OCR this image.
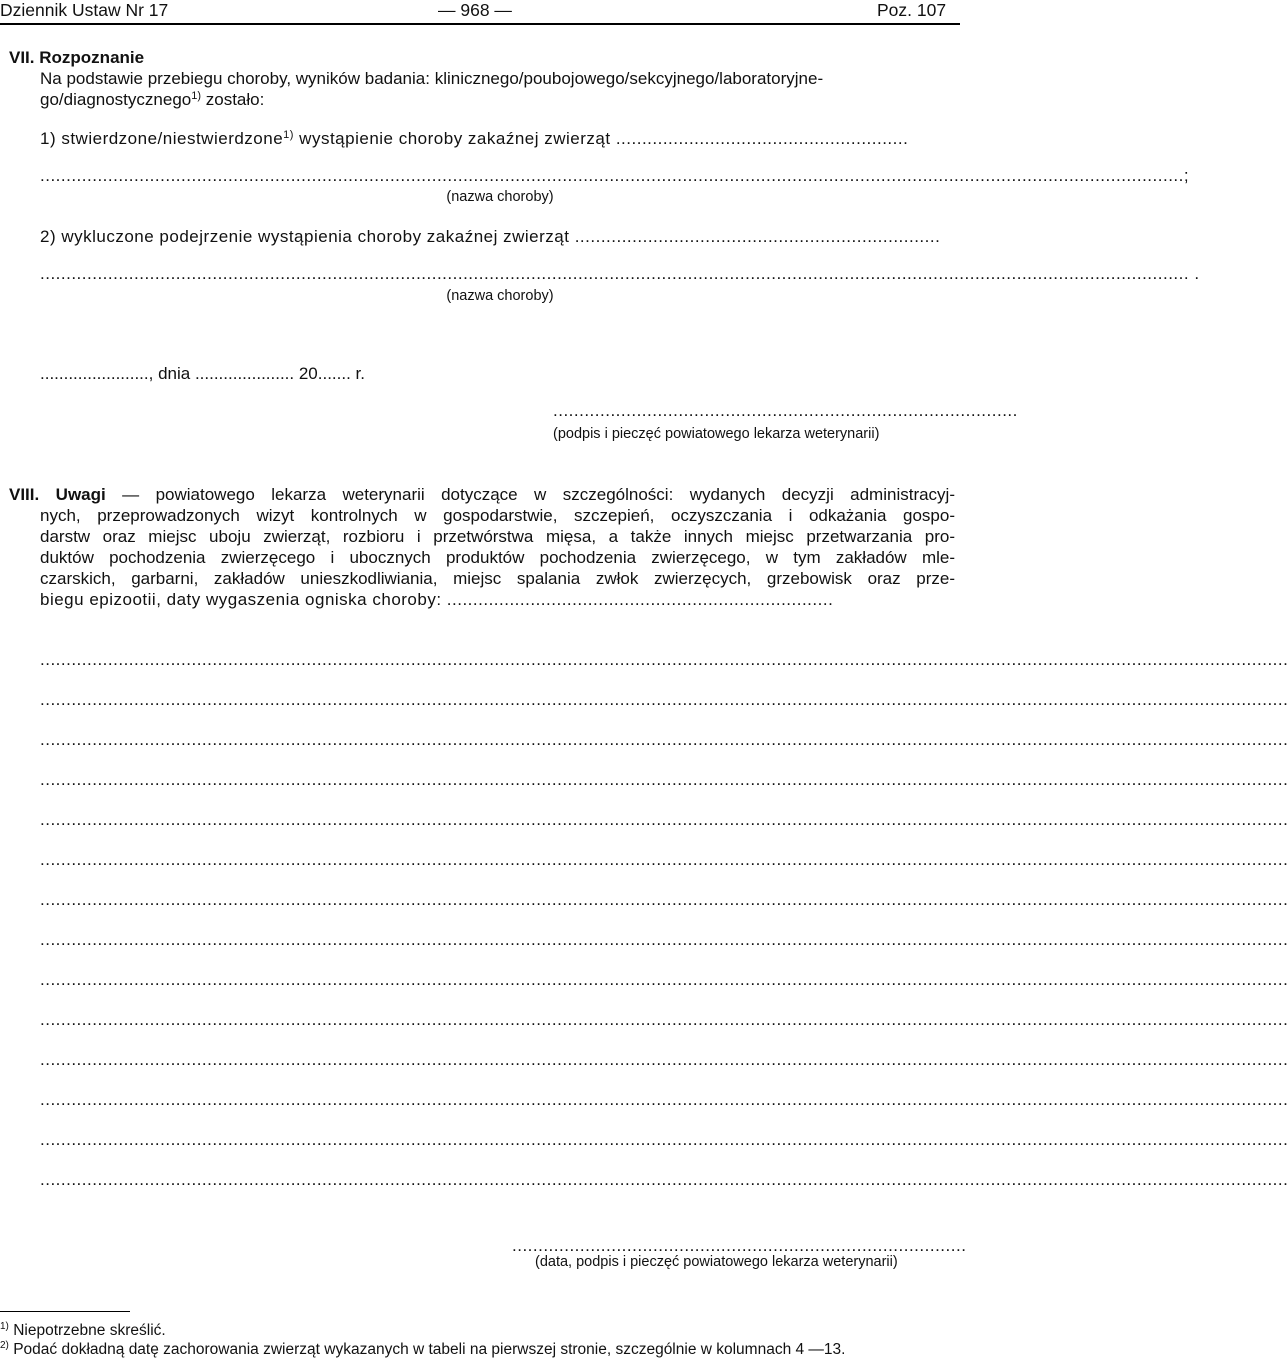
Dziennik Ustaw Nr 17	— 968 —	Poz. 107
VII. Rozpoznanie
Na podstawie przebiegu choroby, wyników badania: klinicznego/poubojowego/sekcyjnego/laboratoryjne-
go/diagnostycznego$^{1)}$ zostało:
1) stwierdzone/niestwierdzone$^{1)}$ wystąpienie choroby zakaźnej zwierząt ........................................................
...........................................................................................................................................................................................................................;
(nazwa choroby)
2) wykluczone podejrzenie wystąpienia choroby zakaźnej zwierząt ......................................................................
............................................................................................................................................................................................................................ .
(nazwa choroby)
......................., dnia ..................... 20....... r.
.........................................................................................
(podpis i pieczęć powiatowego lekarza weterynarii)
VIII. Uwagi — powiatowego lekarza weterynarii dotyczące w szczególności: wydanych decyzji administracyj-
nych, przeprowadzonych wizyt kontrolnych w gospodarstwie, szczepień, oczyszczania i odkażania gospo-
darstw oraz miejsc uboju zwierząt, rozbioru i przetwórstwa mięsa, a także innych miejsc przetwarzania pro-
duktów pochodzenia zwierzęcego i ubocznych produktów pochodzenia zwierzęcego, w tym zakładów mle-
czarskich, garbarni, zakładów unieszkodliwiania, miejsc spalania zwłok zwierzęcych, grzebowisk oraz prze-
biegu epizootii, daty wygaszenia ogniska choroby: ..........................................................................
...............................................................................................................................................................................................................................................
...............................................................................................................................................................................................................................................
...............................................................................................................................................................................................................................................
...............................................................................................................................................................................................................................................
...............................................................................................................................................................................................................................................
...............................................................................................................................................................................................................................................
...............................................................................................................................................................................................................................................
...............................................................................................................................................................................................................................................
...............................................................................................................................................................................................................................................
...............................................................................................................................................................................................................................................
...............................................................................................................................................................................................................................................
...............................................................................................................................................................................................................................................
...............................................................................................................................................................................................................................................
...............................................................................................................................................................................................................................................
.......................................................................................
(data, podpis i pieczęć powiatowego lekarza weterynarii)
$^{1)}$ Niepotrzebne skreślić.
$^{2)}$ Podać dokładną datę zachorowania zwierząt wykazanych w tabeli na pierwszej stronie, szczególnie w kolumnach 4 —13.
